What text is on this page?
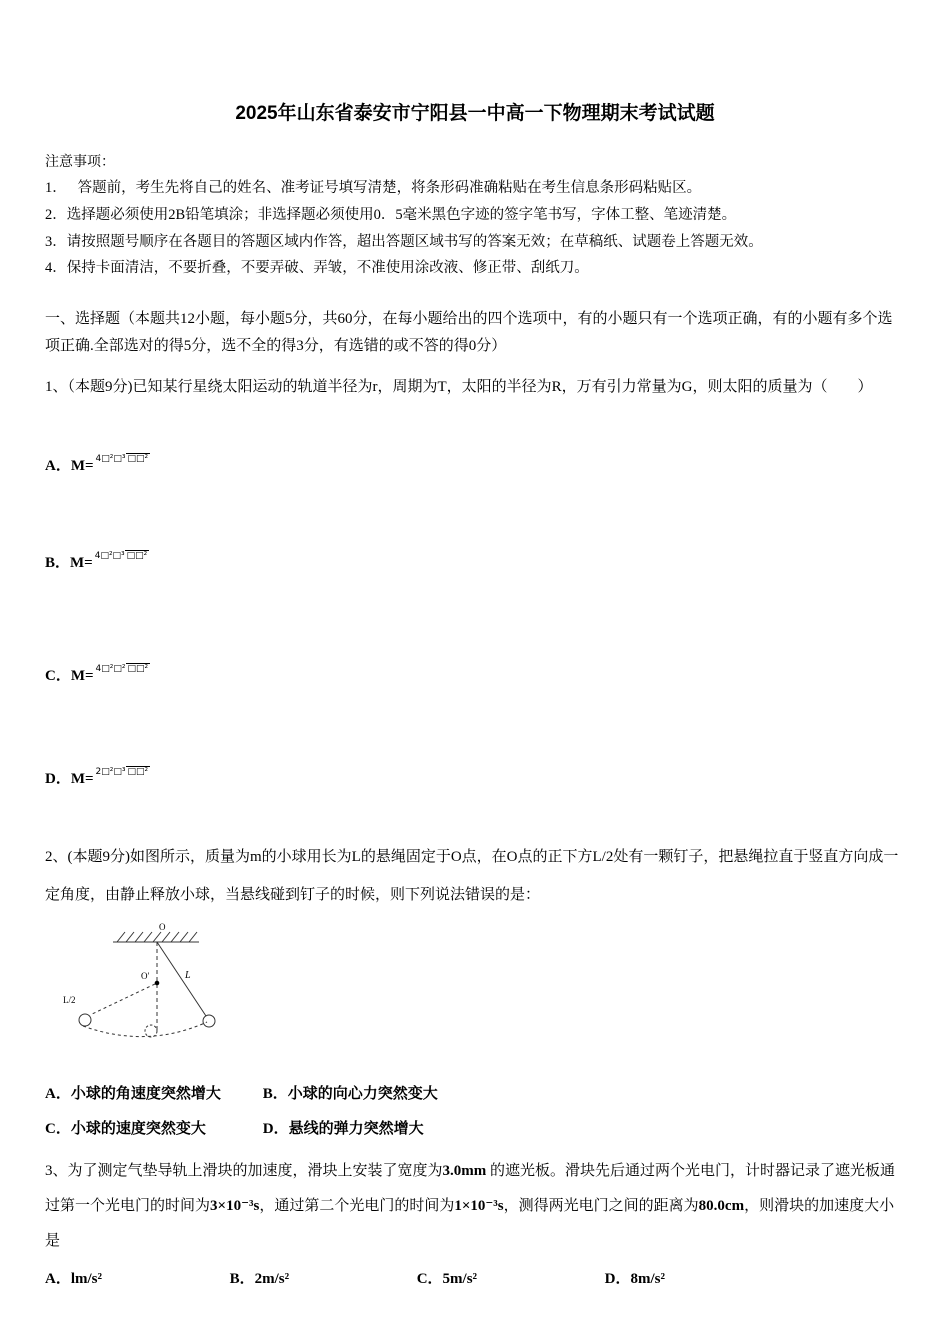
2025年山东省泰安市宁阳县一中高一下物理期末考试试题
注意事项：
1．　 答题前，考生先将自己的姓名、准考证号填写清楚，将条形码准确粘贴在考生信息条形码粘贴区。
2．选择题必须使用2B铅笔填涂；非选择题必须使用0．5毫米黑色字迹的签字笔书写，字体工整、笔迹清楚。
3．请按照题号顺序在各题目的答题区域内作答，超出答题区域书写的答案无效；在草稿纸、试题卷上答题无效。
4．保持卡面清洁，不要折叠，不要弄破、弄皱，不准使用涂改液、修正带、刮纸刀。
一、选择题（本题共12小题，每小题5分，共60分，在每小题给出的四个选项中，有的小题只有一个选项正确，有的小题有多个选项正确.全部选对的得5分，选不全的得3分，有选错的或不答的得0分）
1、（本题9分)已知某行星绕太阳运动的轨道半径为r，周期为T，太阳的半径为R，万有引力常量为G，则太阳的质量为（　　）
A．M= 4□²□³ □□²
B．M= 4□²□³ □□²
C．M= 4□²□² □□²
D．M= 2□²□³ □□²
2、(本题9分)如图所示，质量为m的小球用长为L的悬绳固定于O点，在O点的正下方L/2处有一颗钉子，把悬绳拉直于竖直方向成一定角度，由静止释放小球，当悬线碰到钉子的时候，则下列说法错误的是：
O
L
O′
L/2
A．小球的角速度突然增大	B．小球的向心力突然变大
C．小球的速度突然变大	D．悬线的弹力突然增大
3、为了测定气垫导轨上滑块的加速度，滑块上安装了宽度为3.0mm 的遮光板。滑块先后通过两个光电门，计时器记录了遮光板通过第一个光电门的时间为3×10⁻³s，通过第二个光电门的时间为1×10⁻³s，测得两光电门之间的距离为80.0cm，则滑块的加速度大小是
A．lm/s²	B．2m/s²	C．5m/s²	D．8m/s²
